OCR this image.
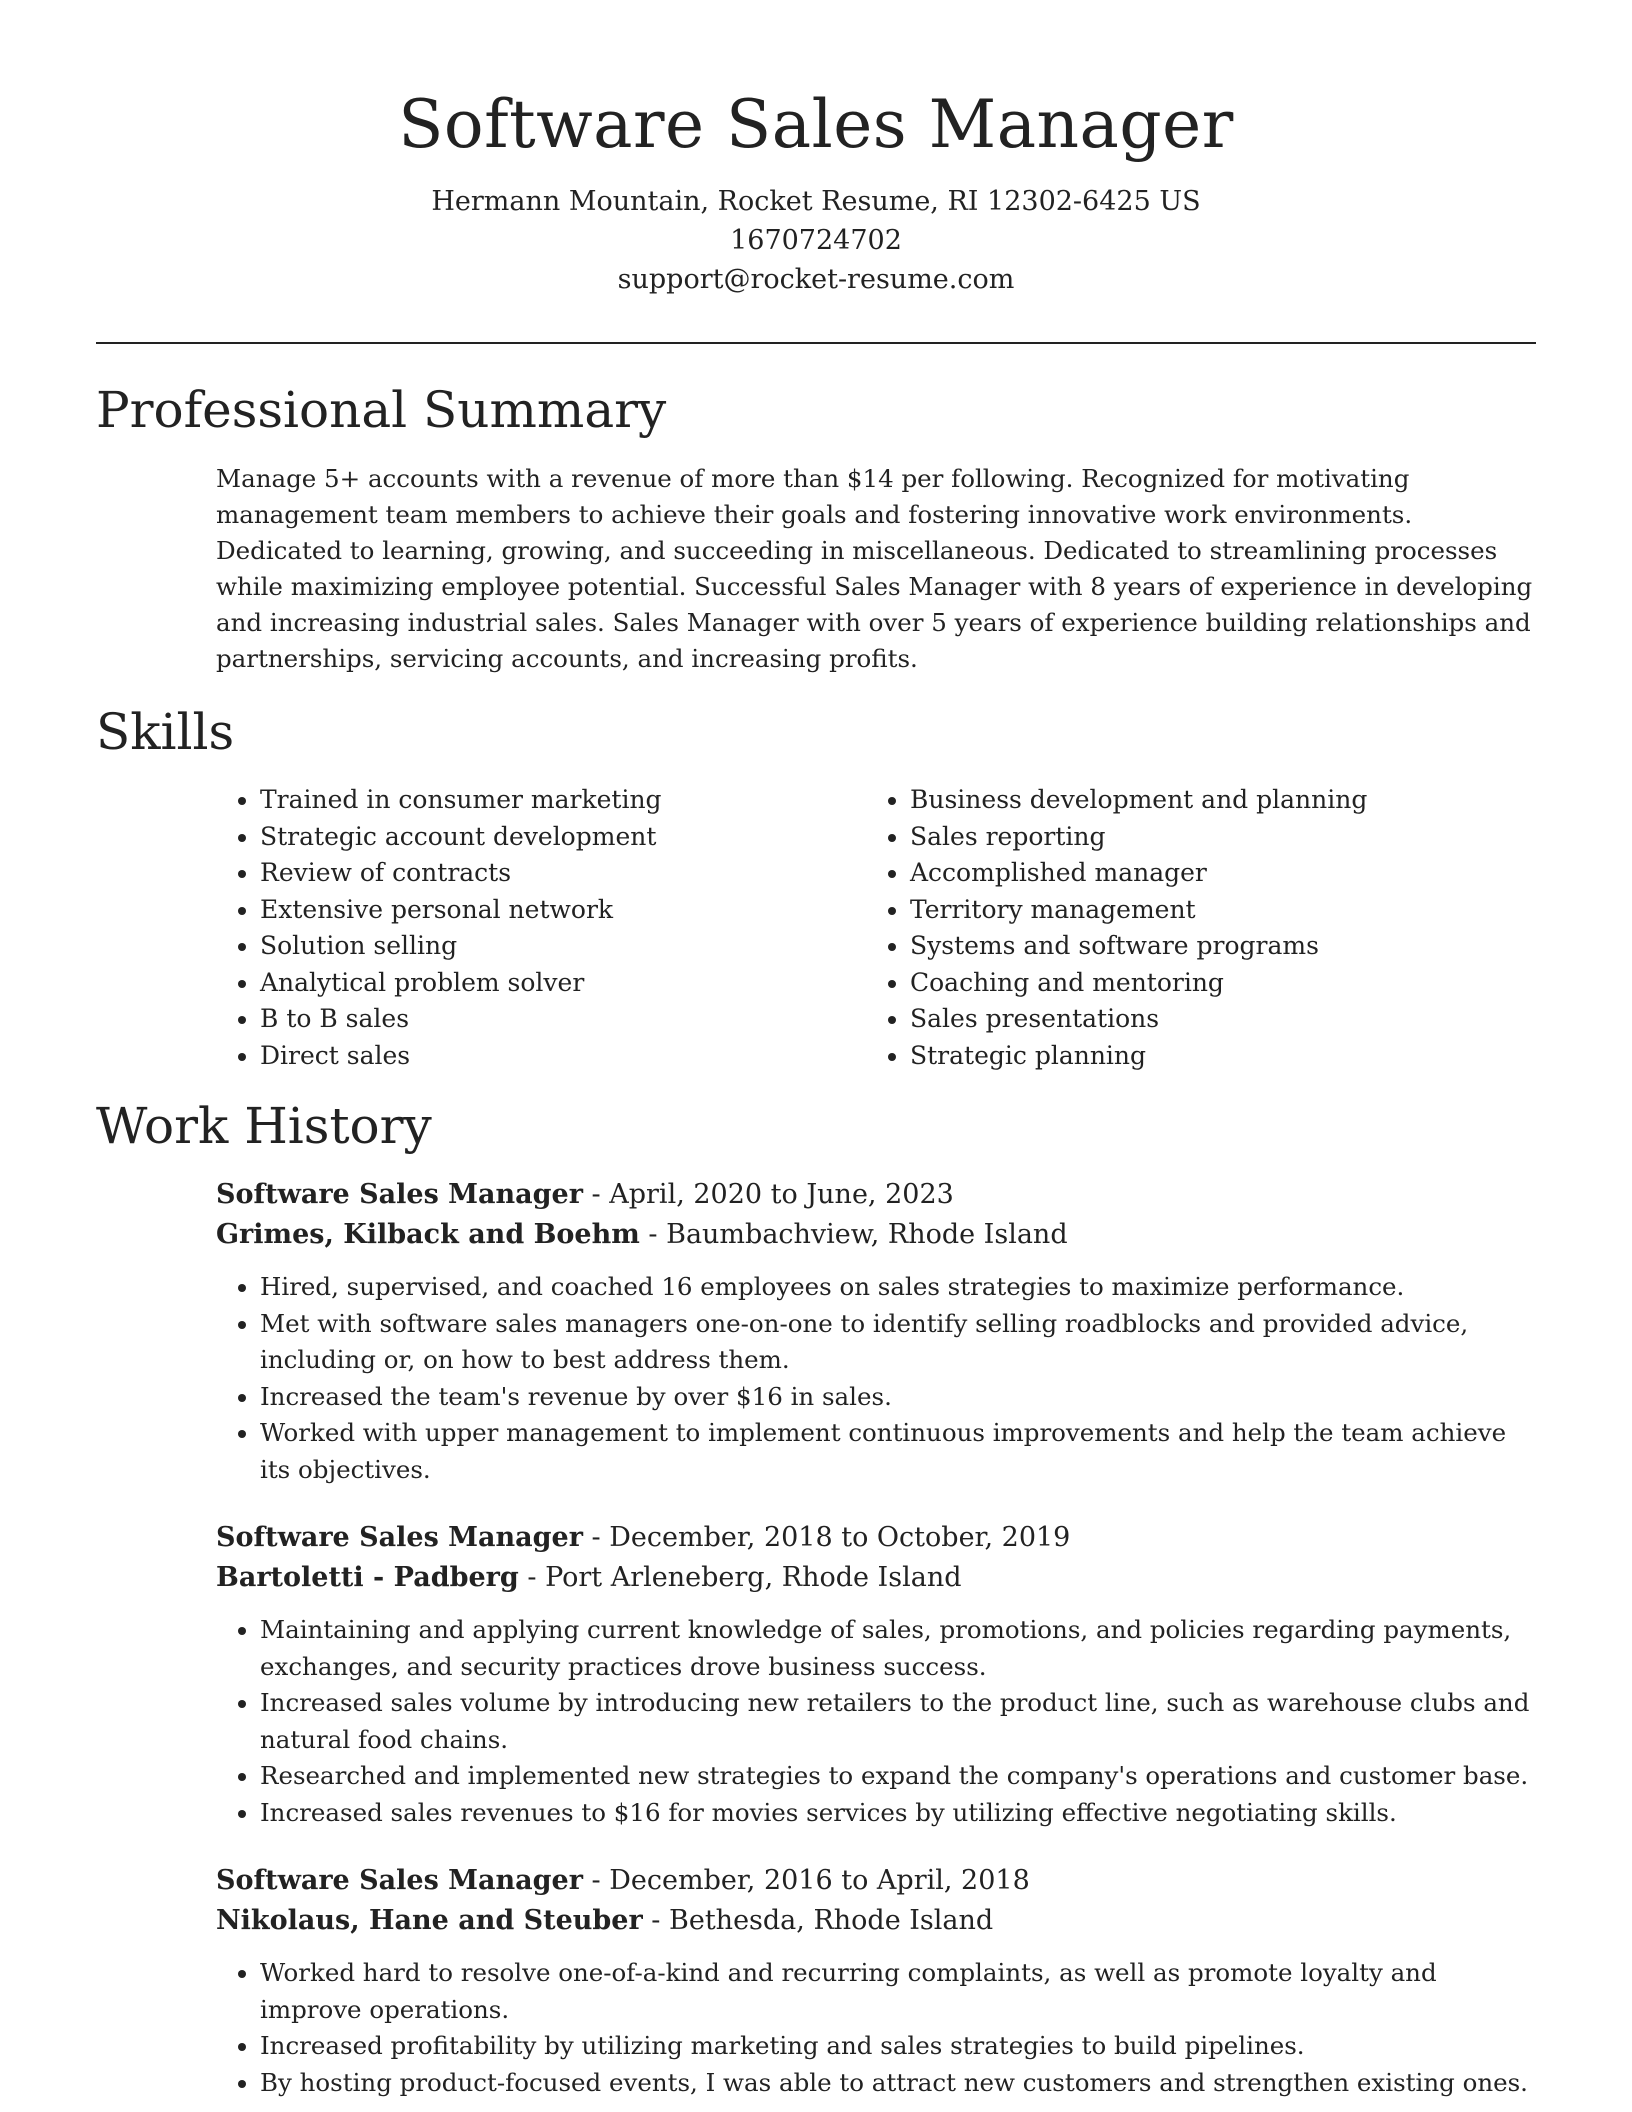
Software Sales Manager
Hermann Mountain, Rocket Resume, RI 12302-6425 US
1670724702
support@rocket-resume.com
Professional Summary
Manage 5+ accounts with a revenue of more than $14 per following. Recognized for motivating management team members to achieve their goals and fostering innovative work environments. Dedicated to learning, growing, and succeeding in miscellaneous. Dedicated to streamlining processes while maximizing employee potential. Successful Sales Manager with 8 years of experience in developing and increasing industrial sales. Sales Manager with over 5 years of experience building relationships and partnerships, servicing accounts, and increasing profits.
Skills
• Trained in consumer marketing
• Strategic account development
• Review of contracts
• Extensive personal network
• Solution selling
• Analytical problem solver
• B to B sales
• Direct sales
• Business development and planning
• Sales reporting
• Accomplished manager
• Territory management
• Systems and software programs
• Coaching and mentoring
• Sales presentations
• Strategic planning
Work History
Software Sales Manager - April, 2020 to June, 2023
Grimes, Kilback and Boehm - Baumbachview, Rhode Island
• Hired, supervised, and coached 16 employees on sales strategies to maximize performance.
• Met with software sales managers one-on-one to identify selling roadblocks and provided advice, including or, on how to best address them.
• Increased the team's revenue by over $16 in sales.
• Worked with upper management to implement continuous improvements and help the team achieve its objectives.
Software Sales Manager - December, 2018 to October, 2019
Bartoletti - Padberg - Port Arleneberg, Rhode Island
• Maintaining and applying current knowledge of sales, promotions, and policies regarding payments, exchanges, and security practices drove business success.
• Increased sales volume by introducing new retailers to the product line, such as warehouse clubs and natural food chains.
• Researched and implemented new strategies to expand the company's operations and customer base.
• Increased sales revenues to $16 for movies services by utilizing effective negotiating skills.
Software Sales Manager - December, 2016 to April, 2018
Nikolaus, Hane and Steuber - Bethesda, Rhode Island
• Worked hard to resolve one-of-a-kind and recurring complaints, as well as promote loyalty and improve operations.
• Increased profitability by utilizing marketing and sales strategies to build pipelines.
• By hosting product-focused events, I was able to attract new customers and strengthen existing ones.
